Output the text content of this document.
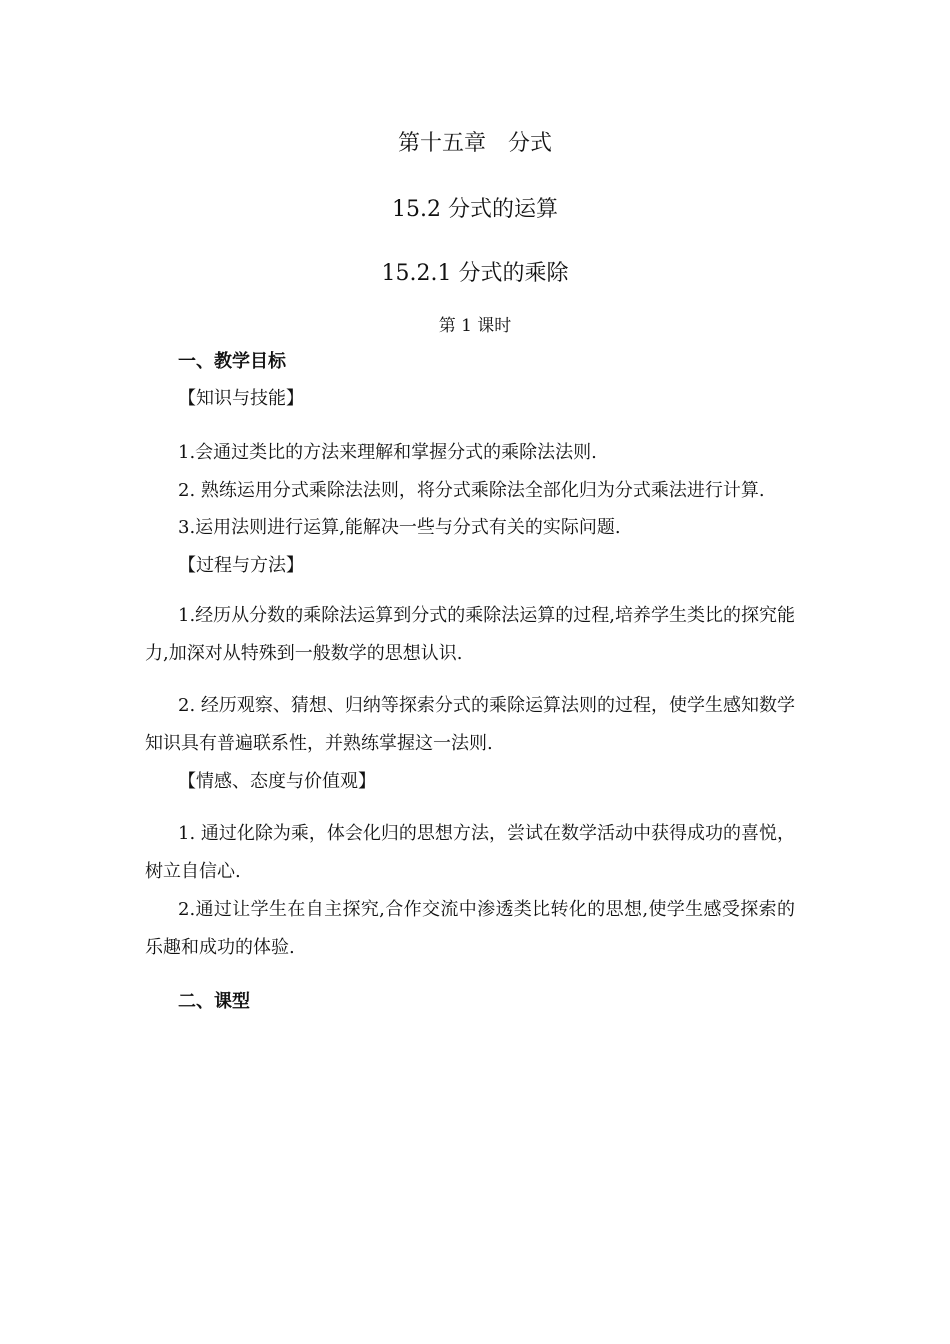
第十五章　分式
15.2 分式的运算
15.2.1 分式的乘除
第 1 课时
一、教学目标
【知识与技能】
1.会通过类比的方法来理解和掌握分式的乘除法法则.
2. 熟练运用分式乘除法法则，将分式乘除法全部化归为分式乘法进行计算.
3.运用法则进行运算,能解决一些与分式有关的实际问题.
【过程与方法】
1.经历从分数的乘除法运算到分式的乘除法运算的过程,培养学生类比的探究能力,加深对从特殊到一般数学的思想认识.
2. 经历观察、猜想、归纳等探索分式的乘除运算法则的过程，使学生感知数学知识具有普遍联系性，并熟练掌握这一法则.
【情感、态度与价值观】
1. 通过化除为乘，体会化归的思想方法，尝试在数学活动中获得成功的喜悦，树立自信心.
2.通过让学生在自主探究,合作交流中渗透类比转化的思想,使学生感受探索的乐趣和成功的体验.
二、课型
